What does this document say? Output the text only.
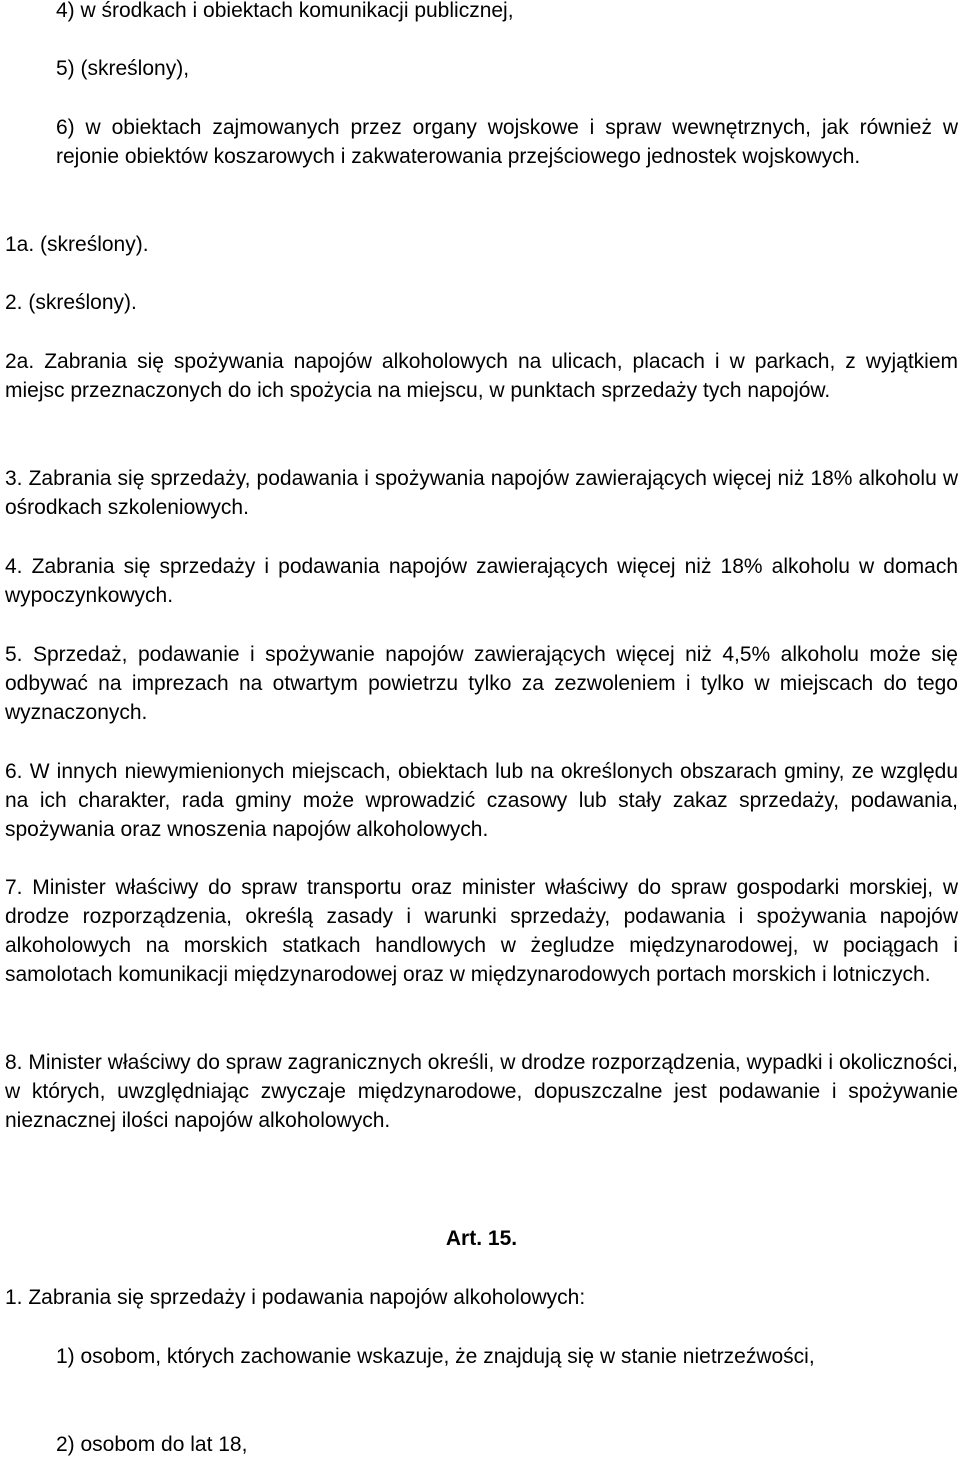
4) w środkach i obiektach komunikacji publicznej,

5) (skreślony),

6) w obiektach zajmowanych przez organy wojskowe i spraw wewnętrznych, jak również w rejonie obiektów koszarowych i zakwaterowania przejściowego jednostek wojskowych.

1a. (skreślony).

2. (skreślony).

2a. Zabrania się spożywania napojów alkoholowych na ulicach, placach i w parkach, z wyjątkiem miejsc przeznaczonych do ich spożycia na miejscu, w punktach sprzedaży tych napojów.

3. Zabrania się sprzedaży, podawania i spożywania napojów zawierających więcej niż 18% alkoholu w ośrodkach szkoleniowych.

4. Zabrania się sprzedaży i podawania napojów zawierających więcej niż 18% alkoholu w domach wypoczynkowych.

5. Sprzedaż, podawanie i spożywanie napojów zawierających więcej niż 4,5% alkoholu może się odbywać na imprezach na otwartym powietrzu tylko za zezwoleniem i tylko w miejscach do tego wyznaczonych.

6. W innych niewymienionych miejscach, obiektach lub na określonych obszarach gminy, ze względu na ich charakter, rada gminy może wprowadzić czasowy lub stały zakaz sprzedaży, podawania, spożywania oraz wnoszenia napojów alkoholowych.

7. Minister właściwy do spraw transportu oraz minister właściwy do spraw gospodarki morskiej, w drodze rozporządzenia, określą zasady i warunki sprzedaży, podawania i spożywania napojów alkoholowych na morskich statkach handlowych w żegludze międzynarodowej, w pociągach i samolotach komunikacji międzynarodowej oraz w międzynarodowych portach morskich i lotniczych.

8. Minister właściwy do spraw zagranicznych określi, w drodze rozporządzenia, wypadki i okoliczności, w których, uwzględniając zwyczaje międzynarodowe, dopuszczalne jest podawanie i spożywanie nieznacznej ilości napojów alkoholowych.

Art. 15.

1. Zabrania się sprzedaży i podawania napojów alkoholowych:

1) osobom, których zachowanie wskazuje, że znajdują się w stanie nietrzeźwości,

2) osobom do lat 18,
